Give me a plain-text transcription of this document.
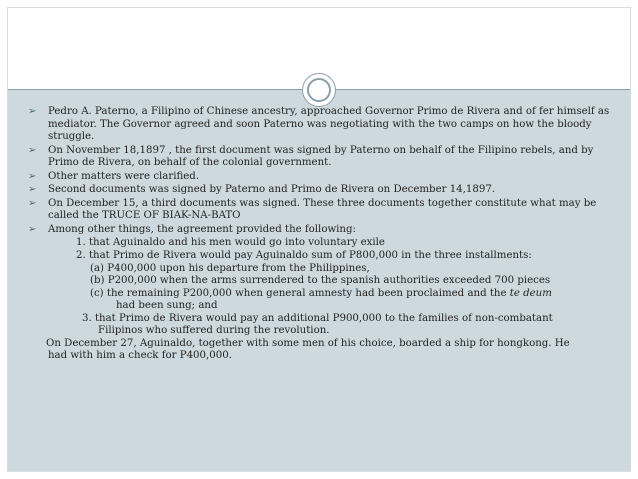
➢ Pedro A. Paterno, a Filipino of Chinese ancestry, approached Governor Primo de Rivera and of fer himself as mediator. The Governor agreed and soon Paterno was negotiating with the two camps on how the bloody struggle.
➢ On November 18,1897 , the first document was signed by Paterno on behalf of the Filipino rebels, and by Primo de Rivera, on behalf of the colonial government.
➢ Other matters were clarified.
➢ Second documents was signed by Paterno and Primo de Rivera on December 14,1897.
➢ On December 15, a third documents was signed. These three documents together constitute what may be called the TRUCE OF BIAK-NA-BATO
➢ Among other things, the agreement provided the following:

1. that Aguinaldo and his men would go into voluntary exile

2. that Primo de Rivera would pay Aguinaldo sum of P800,000 in the three installments:

(a) P400,000 upon his departure from the Philippines,

(b) P200,000 when the arms surrendered to the spanish authorities exceeded 700 pieces

(c) the remaining P200,000 when general amnesty had been proclaimed and the te deum

had been sung; and

3. that Primo de Rivera would pay an additional P900,000 to the families of non-combatant

Filipinos who suffered during the revolution.

On December 27, Aguinaldo, together with some men of his choice, boarded a ship for hongkong. He

had with him a check for P400,000.
